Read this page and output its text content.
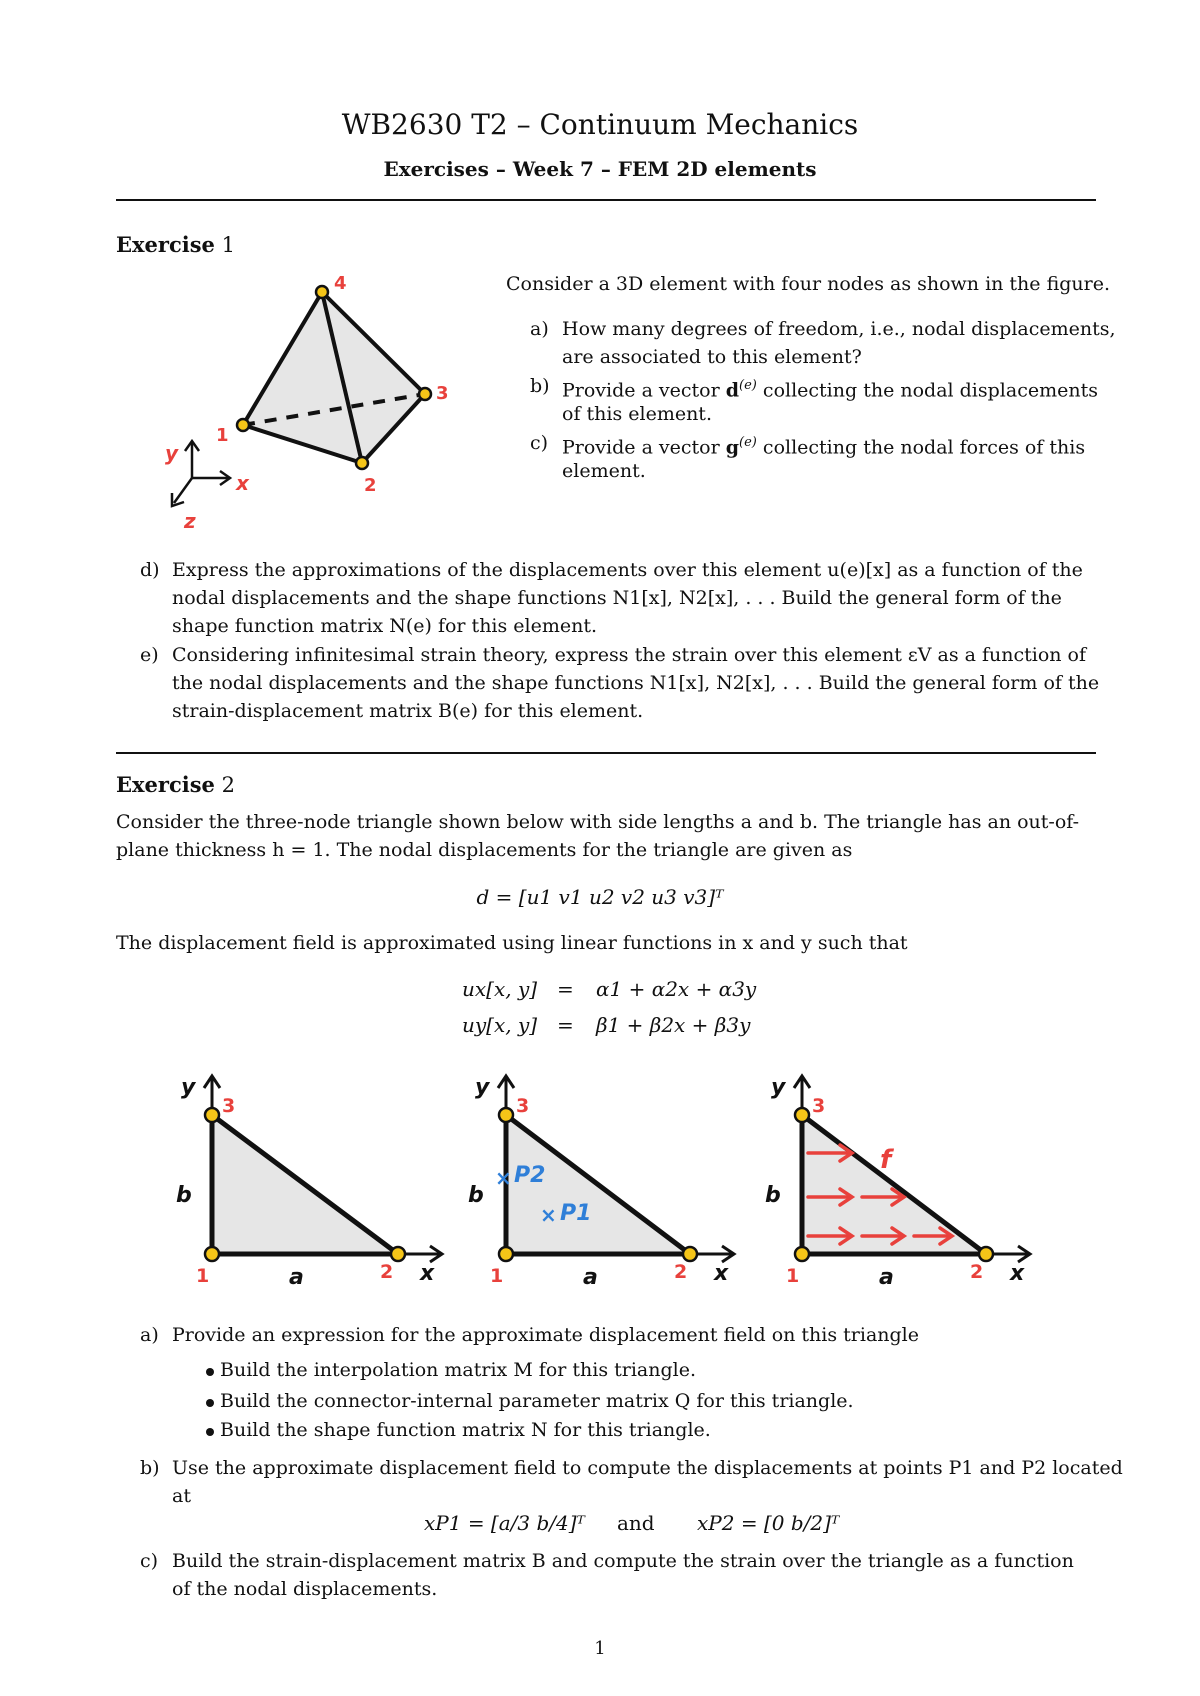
WB2630 T2 – Continuum Mechanics
Exercises – Week 7 – FEM 2D elements
Exercise 1
1
2
3
4
y
x
z
Consider a 3D element with four nodes as shown in the figure.
a) How many degrees of freedom, i.e., nodal displacements,
are associated to this element?
b) Provide a vector $d^{(e)}$ collecting the nodal displacements
of this element.
c) Provide a vector $g^{(e)}$ collecting the nodal forces of this
element.
d) Express the approximations of the displacements over this element u(e)[x] as a function of the
nodal displacements and the shape functions N1[x], N2[x], . . . Build the general form of the
shape function matrix N(e) for this element.
e) Considering infinitesimal strain theory, express the strain over this element εV as a function of
the nodal displacements and the shape functions N1[x], N2[x], . . . Build the general form of the
strain-displacement matrix B(e) for this element.
Exercise 2
Consider the three-node triangle shown below with side lengths a and b. The triangle has an out-of-
plane thickness h = 1. The nodal displacements for the triangle are given as
d = [u1 v1 u2 v2 u3 v3]ᵀ
The displacement field is approximated using linear functions in x and y such that
ux[x, y] = α1 + α2x + α3y
uy[x, y] = β1 + β2x + β3y
3
1	2
a
b
y
x
3
1	2
a
b
y
x
× P2
× P1
3
1	2
a
b
y
x
f
a) Provide an expression for the approximate displacement field on this triangle
Build the interpolation matrix M for this triangle.
Build the connector-internal parameter matrix Q for this triangle.
Build the shape function matrix N for this triangle.
b) Use the approximate displacement field to compute the displacements at points P1 and P2 located
at
xP1 = [a/3 b/4]ᵀ and xP2 = [0 b/2]ᵀ
c) Build the strain-displacement matrix B and compute the strain over the triangle as a function
of the nodal displacements.
1
